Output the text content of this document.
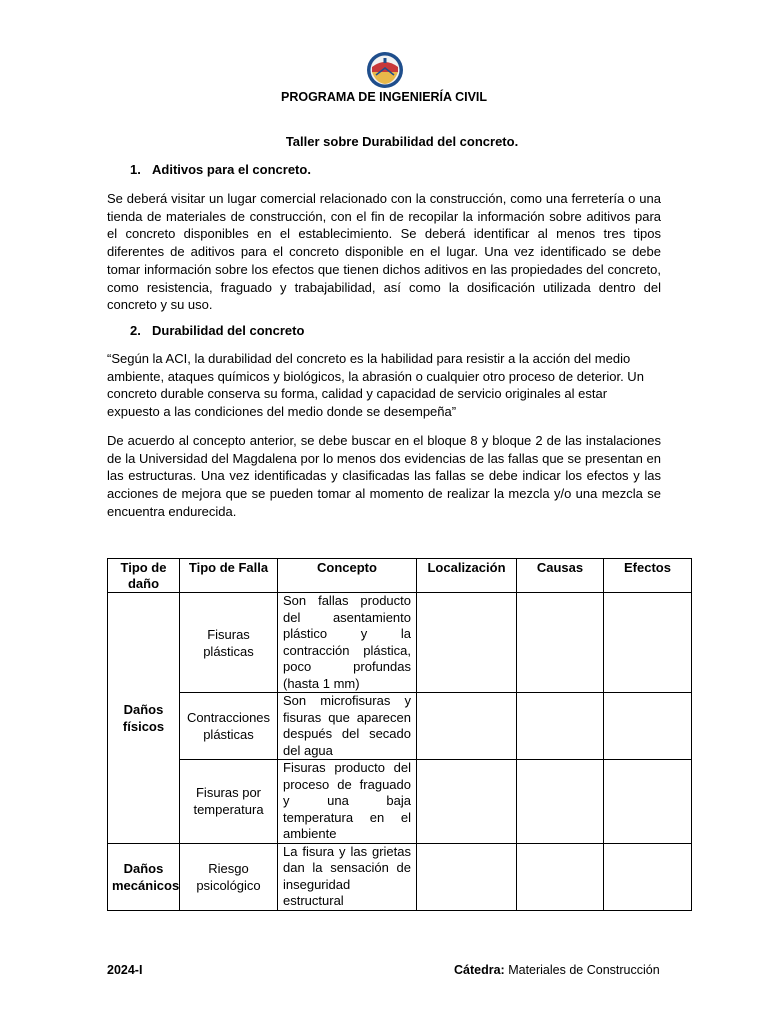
PROGRAMA DE INGENIERÍA CIVIL
Taller sobre Durabilidad del concreto.
1. Aditivos para el concreto.

Se deberá visitar un lugar comercial relacionado con la construcción, como una ferretería o una tienda de materiales de construcción, con el fin de recopilar la información sobre aditivos para el concreto disponibles en el establecimiento. Se deberá identificar al menos tres tipos diferentes de aditivos para el concreto disponible en el lugar. Una vez identificado se debe tomar información sobre los efectos que tienen dichos aditivos en las propiedades del concreto, como resistencia, fraguado y trabajabilidad, así como la dosificación utilizada dentro del concreto y su uso.

2. Durabilidad del concreto

“Según la ACI, la durabilidad del concreto es la habilidad para resistir a la acción del medio ambiente, ataques químicos y biológicos, la abrasión o cualquier otro proceso de deterior. Un concreto durable conserva su forma, calidad y capacidad de servicio originales al estar expuesto a las condiciones del medio donde se desempeña”

De acuerdo al concepto anterior, se debe buscar en el bloque 8 y bloque 2 de las instalaciones de la Universidad del Magdalena por lo menos dos evidencias de las fallas que se presentan en las estructuras. Una vez identificadas y clasificadas las fallas se debe indicar los efectos y las acciones de mejora que se pueden tomar al momento de realizar la mezcla y/o una mezcla se encuentra endurecida.

Tipo de daño	Tipo de Falla	Concepto	Localización	Causas	Efectos
Daños físicos	Fisuras plásticas	Son fallas producto del asentamiento plástico y la contracción plástica, poco profundas (hasta 1 mm)			
	Contracciones plásticas	Son microfisuras y fisuras que aparecen después del secado del agua			
	Fisuras por temperatura	Fisuras producto del proceso de fraguado y una baja temperatura en el ambiente			
Daños mecánicos	Riesgo psicológico	La fisura y las grietas dan la sensación de inseguridad estructural			
2024-I	Cátedra: Materiales de Construcción
